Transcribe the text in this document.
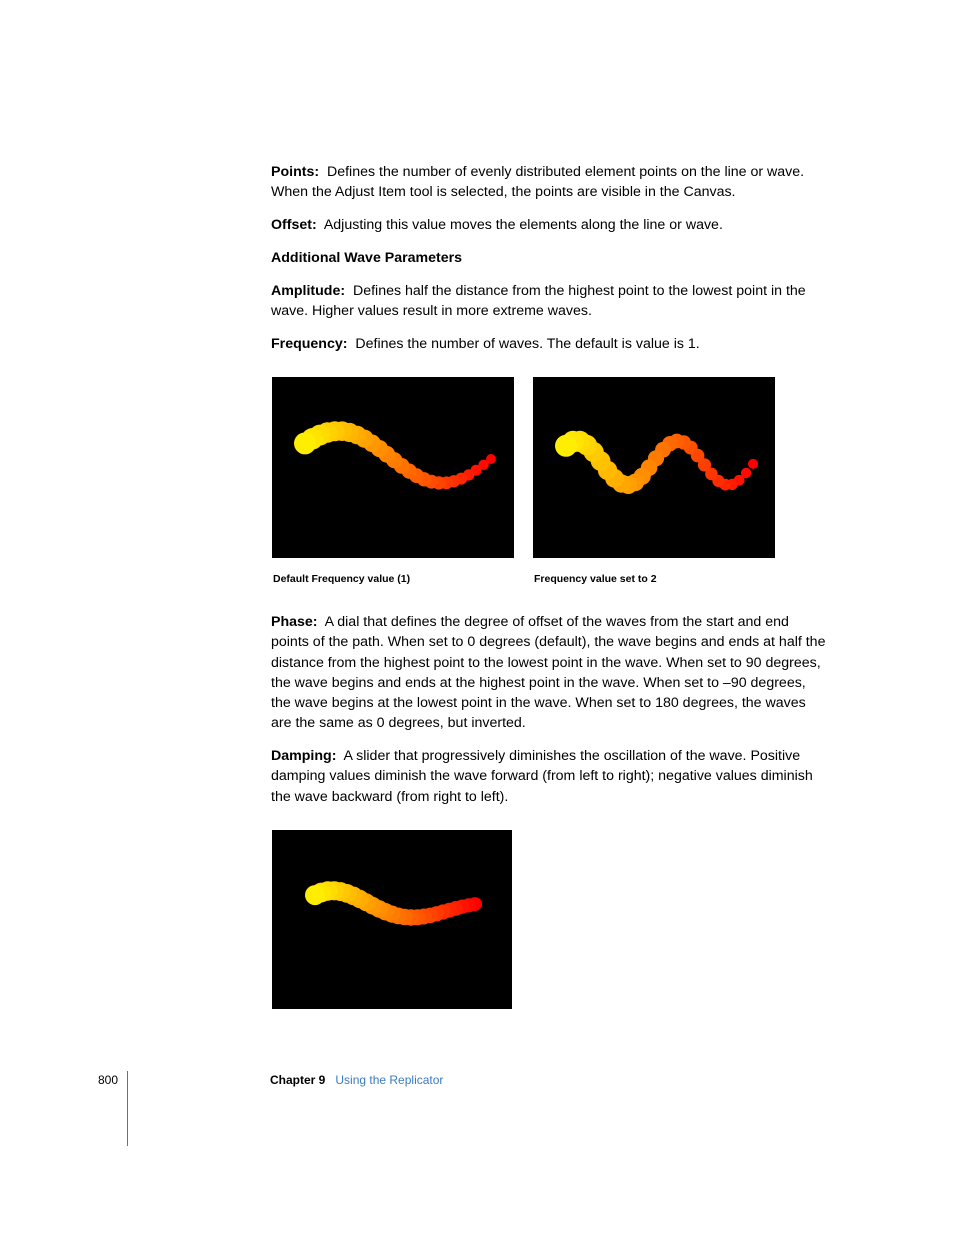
Points: Defines the number of evenly distributed element points on the line or wave. When the Adjust Item tool is selected, the points are visible in the Canvas.

Offset: Adjusting this value moves the elements along the line or wave.

Additional Wave Parameters

Amplitude: Defines half the distance from the highest point to the lowest point in the wave. Higher values result in more extreme waves.

Frequency: Defines the number of waves. The default is value is 1.

Default Frequency value (1)	Frequency value set to 2

Phase: A dial that defines the degree of offset of the waves from the start and end points of the path. When set to 0 degrees (default), the wave begins and ends at half the distance from the highest point to the lowest point in the wave. When set to 90 degrees, the wave begins and ends at the highest point in the wave. When set to –90 degrees, the wave begins at the lowest point in the wave. When set to 180 degrees, the waves are the same as 0 degrees, but inverted.

Damping: A slider that progressively diminishes the oscillation of the wave. Positive damping values diminish the wave forward (from left to right); negative values diminish the wave backward (from right to left).

800	Chapter 9 Using the Replicator
